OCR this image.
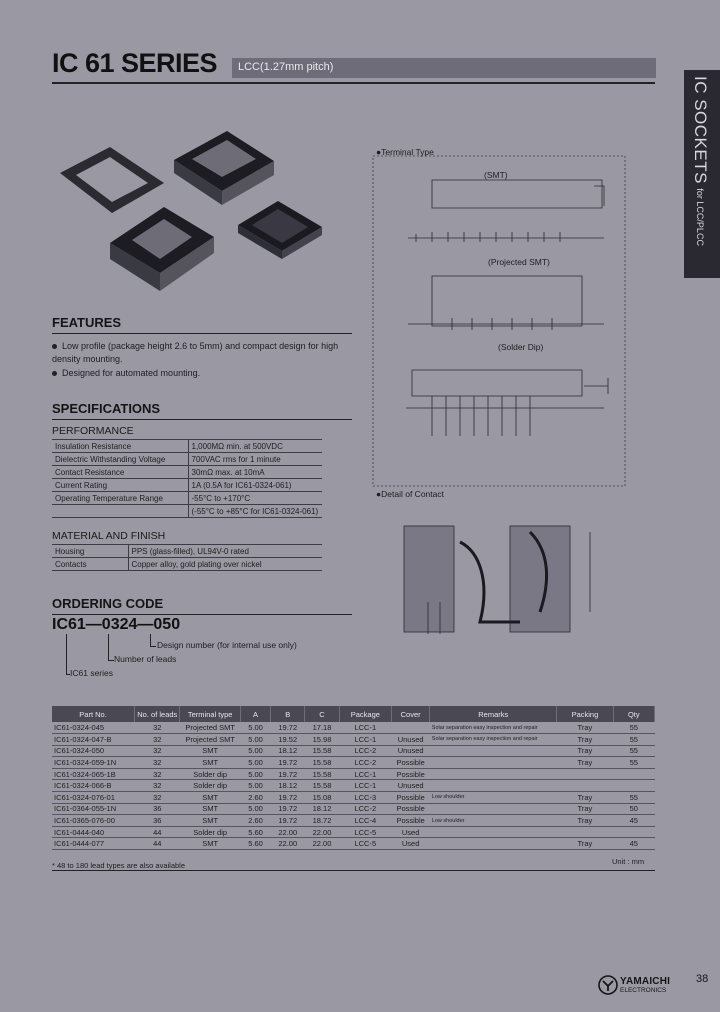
IC 61 SERIES	LCC(1.27mm pitch)
IC SOCKETS for LCC/PLCC
FEATURES
Low profile (package height 2.6 to 5mm) and compact design for high density mounting.
Designed for automated mounting.
SPECIFICATIONS
PERFORMANCE
Insulation Resistance	1,000MΩ min. at 500VDC
Dielectric Withstanding Voltage	700VAC rms for 1 minute
Contact Resistance	30mΩ max. at 10mA
Current Rating	1A (0.5A for IC61-0324-061)
Operating Temperature Range	-55°C to +170°C
	(-55°C to +85°C for IC61-0324-061)
MATERIAL AND FINISH
Housing	PPS (glass-filled), UL94V-0 rated
Contacts	Copper alloy, gold plating over nickel
ORDERING CODE
IC61—0324—050
Design number (for internal use only)
Number of leads
IC61 series
●Terminal Type
(SMT)
(Projected SMT)
(Solder Dip)
●Detail of Contact
Part No.	No. of leads	Terminal type	A	B	C	Package	Cover	Remarks	Packing	Qty
IC61-0324-045	32	Projected SMT	5.00	19.72	17.18	LCC-1		Solar separation easy inspection and repair	Tray	55
IC61-0324-047-B	32	Projected SMT	5.00	19.52	15.98	LCC-1	Unused	Solar separation easy inspection and repair	Tray	55
IC61-0324-050	32	SMT	5.00	18.12	15.58	LCC-2	Unused		Tray	55
IC61-0324-059-1N	32	SMT	5.00	19.72	15.58	LCC-2	Possible		Tray	55
IC61-0324-065-1B	32	Solder dip	5.00	19.72	15.58	LCC-1	Possible			
IC61-0324-066-B	32	Solder dip	5.00	18.12	15.58	LCC-1	Unused			
IC61-0324-076-01	32	SMT	2.60	19.72	15.08	LCC-3	Possible	Low shoulder	Tray	55
IC61-0364-055-1N	36	SMT	5.00	19.72	18.12	LCC-2	Possible		Tray	50
IC61-0365-076-00	36	SMT	2.60	19.72	18.72	LCC-4	Possible	Low shoulder	Tray	45
IC61-0444-040	44	Solder dip	5.60	22.00	22.00	LCC-5	Used			
IC61-0444-077	44	SMT	5.60	22.00	22.00	LCC-5	Used		Tray	45
* 48 to 180 lead types are also available	Unit : mm
YAMAICHI
ELECTRONICS
38
